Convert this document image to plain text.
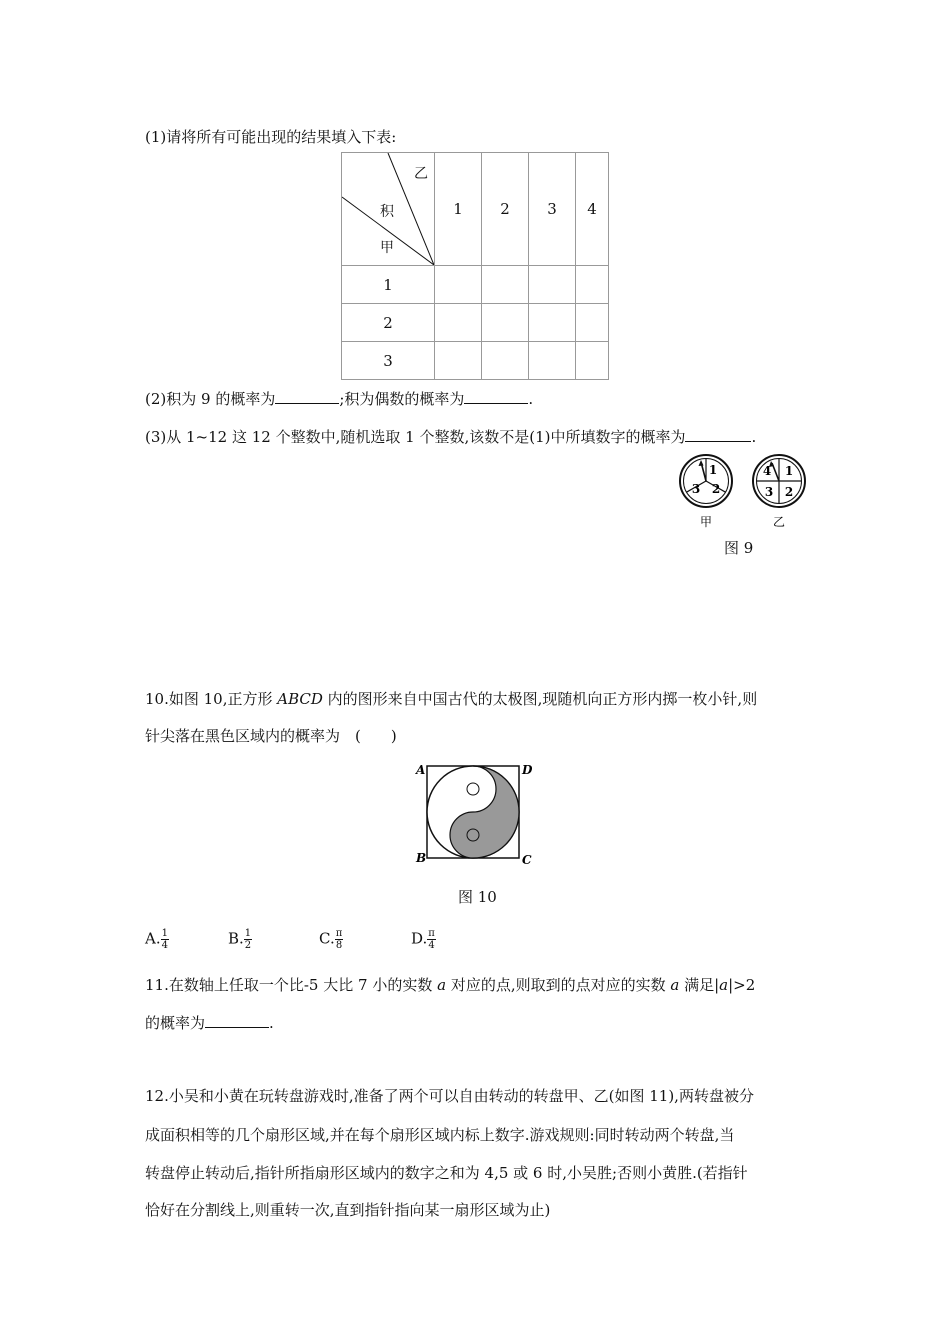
(1)请将所有可能出现的结果填入下表:
乙
积
甲	1	2	3	4
1				
2				
3				
(2)积为 9 的概率为	;积为偶数的概率为	.
(3)从 1~12 这 12 个整数中,随机选取 1 个整数,该数不是(1)中所填数字的概率为	.
1
2
3
甲
1
2
3
4
乙
图 9
10.如图 10,正方形 ABCD 内的图形来自中国古代的太极图,现随机向正方形内掷一枚小针,则
针尖落在黑色区域内的概率为　(　　)
A	D
B	C
图 10
A. $\frac{1}{4}$	B. $\frac{1}{2}$	C. $\frac{\pi}{8}$	D. $\frac{\pi}{4}$
11.在数轴上任取一个比-5 大比 7 小的实数 a 对应的点,则取到的点对应的实数 a 满足|a|>2
的概率为	.
12.小吴和小黄在玩转盘游戏时,准备了两个可以自由转动的转盘甲、乙(如图 11),两转盘被分
成面积相等的几个扇形区域,并在每个扇形区域内标上数字.游戏规则:同时转动两个转盘,当
转盘停止转动后,指针所指扇形区域内的数字之和为 4,5 或 6 时,小吴胜;否则小黄胜.(若指针
恰好在分割线上,则重转一次,直到指针指向某一扇形区域为止)
